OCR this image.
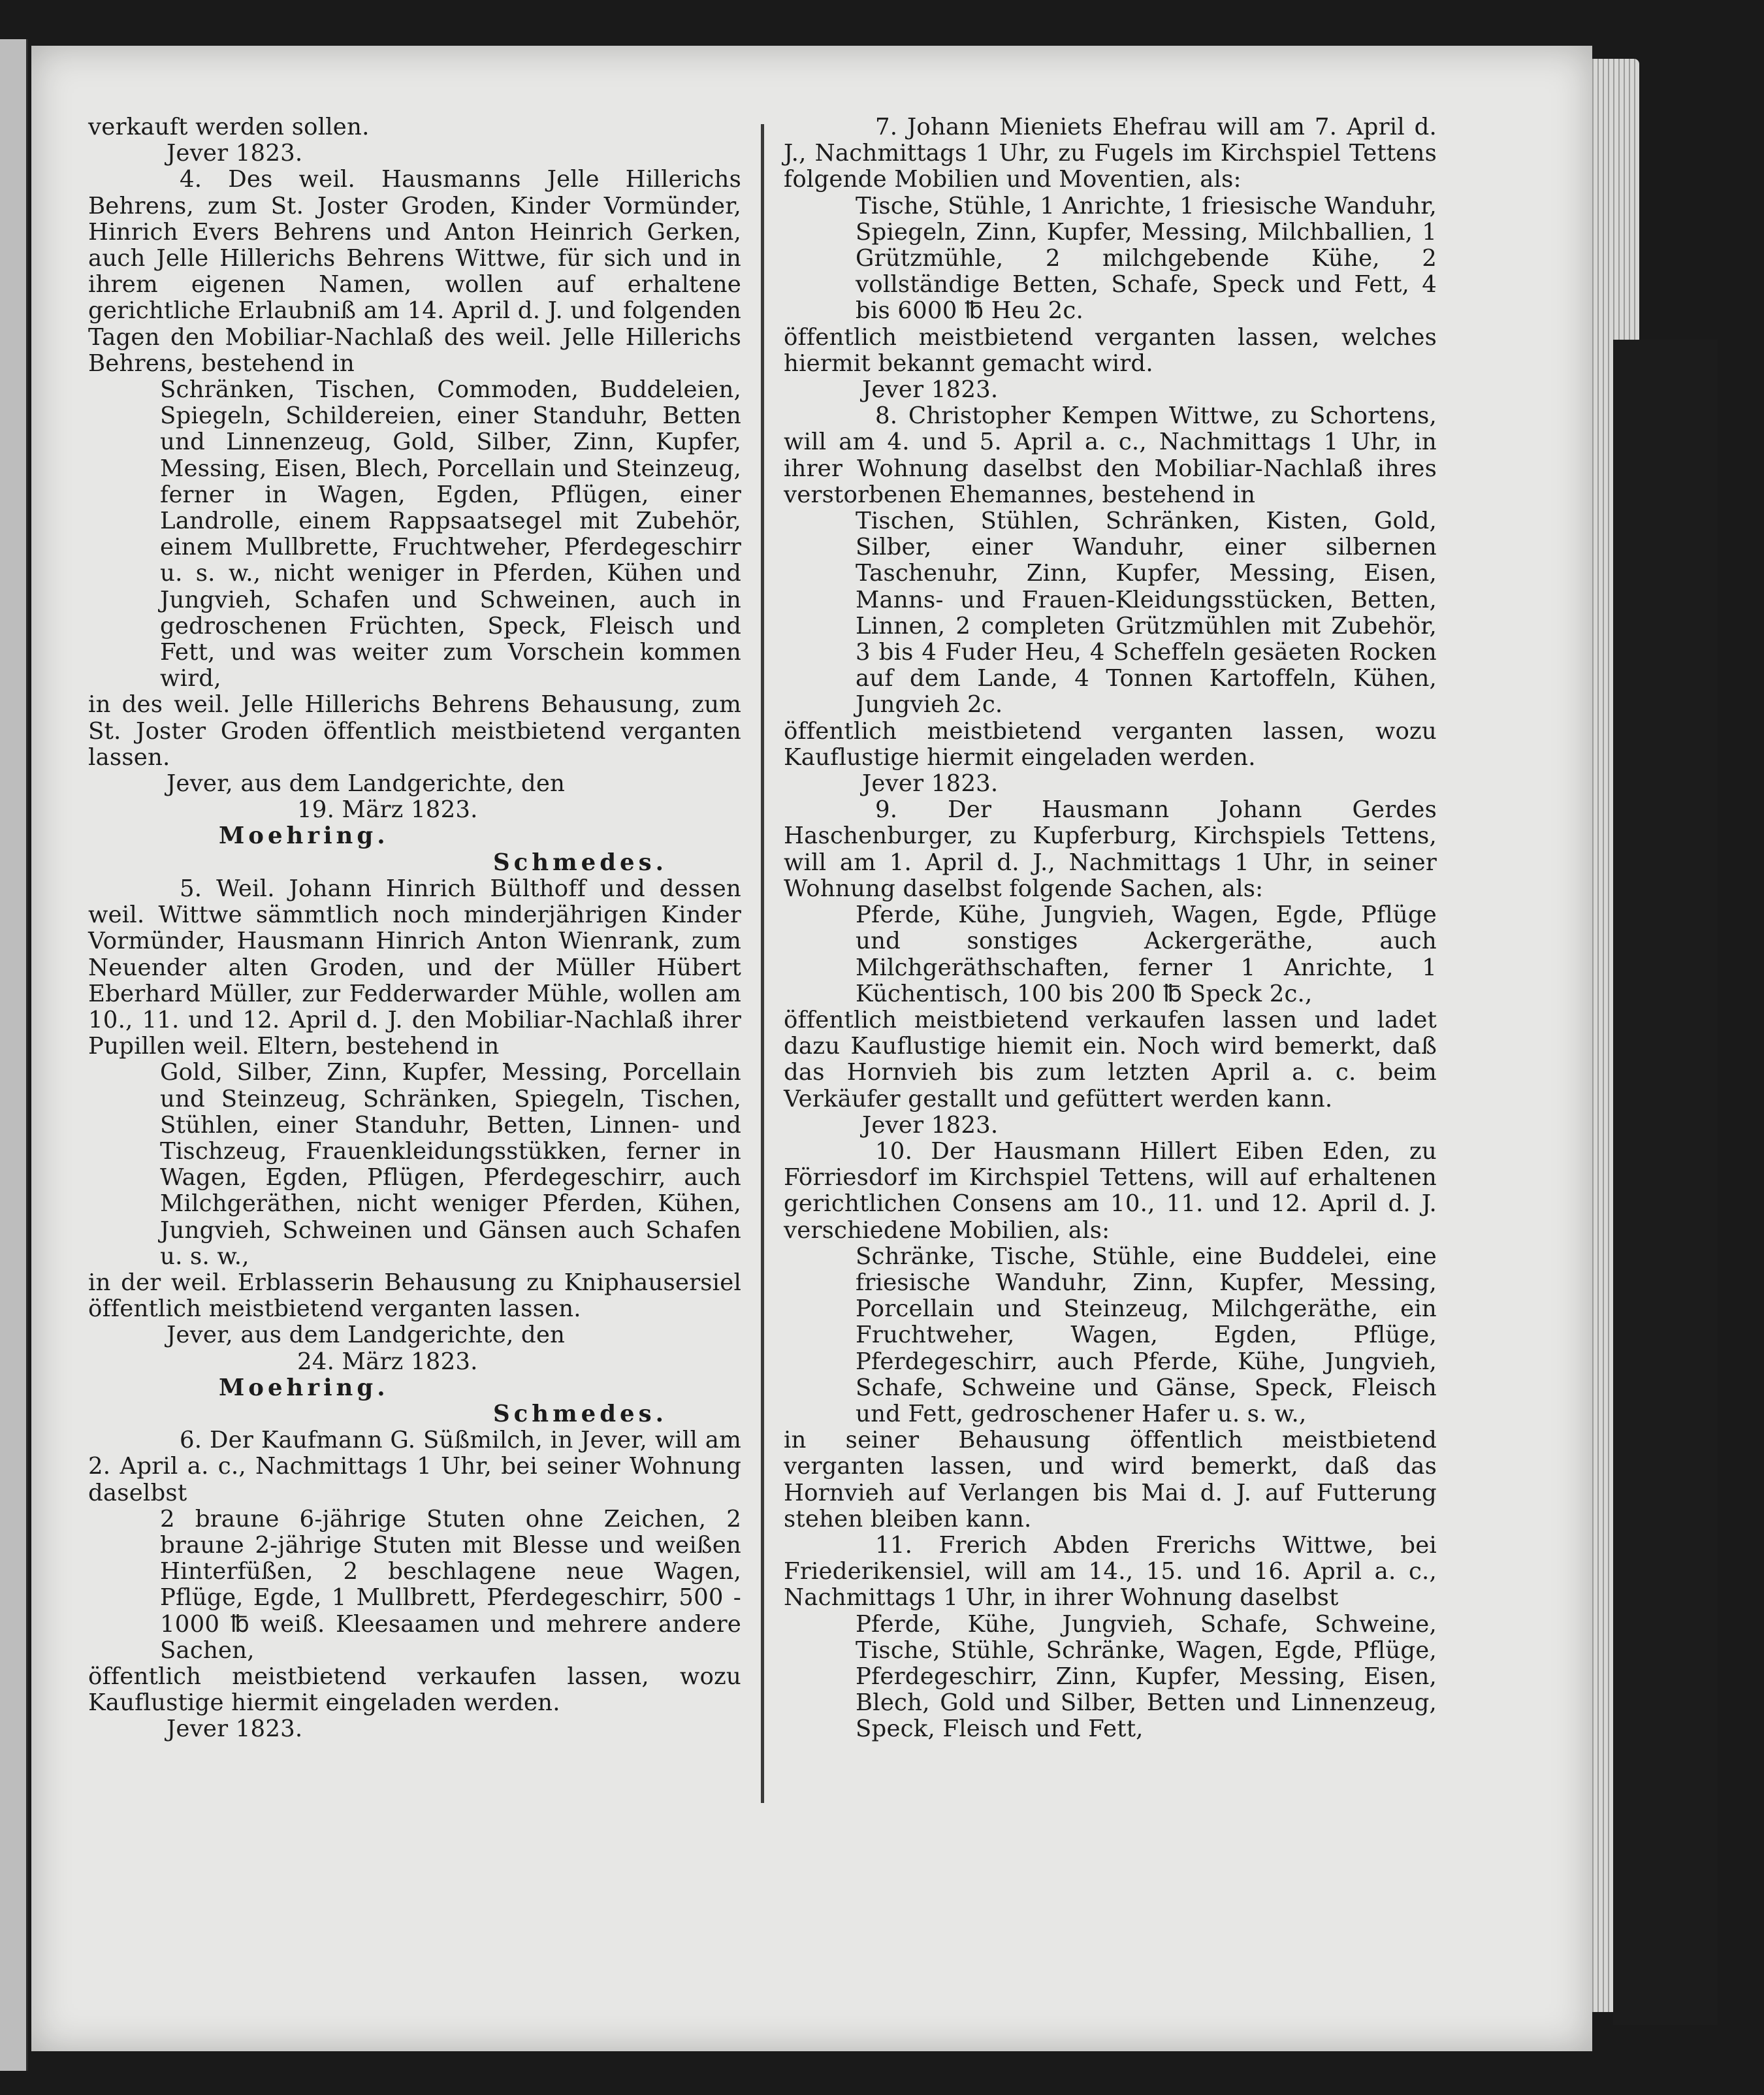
verkauft werden sollen.

Jever 1823.

4. Des weil. Hausmanns Jelle Hillerichs Behrens, zum St. Joster Groden, Kinder Vormünder, Hinrich Evers Behrens und Anton Heinrich Gerken, auch Jelle Hillerichs Behrens Wittwe, für sich und in ihrem eigenen Namen, wollen auf erhaltene gerichtliche Erlaubniß am 14. April d. J. und folgenden Tagen den Mobiliar-Nachlaß des weil. Jelle Hillerichs Behrens, bestehend in

Schränken, Tischen, Commoden, Buddeleien, Spiegeln, Schildereien, einer Standuhr, Betten und Linnenzeug, Gold, Silber, Zinn, Kupfer, Messing, Eisen, Blech, Porcellain und Steinzeug, ferner in Wagen, Egden, Pflügen, einer Landrolle, einem Rappsaatsegel mit Zubehör, einem Mullbrette, Fruchtweher, Pferdegeschirr u. s. w., nicht weniger in Pferden, Kühen und Jungvieh, Schafen und Schweinen, auch in gedroschenen Früchten, Speck, Fleisch und Fett, und was weiter zum Vorschein kommen wird,

in des weil. Jelle Hillerichs Behrens Behausung, zum St. Joster Groden öffentlich meistbietend verganten lassen.

Jever, aus dem Landgerichte, den

19. März 1823.

Moehring.

Schmedes.

5. Weil. Johann Hinrich Bülthoff und dessen weil. Wittwe sämmtlich noch minderjährigen Kinder Vormünder, Hausmann Hinrich Anton Wienrank, zum Neuender alten Groden, und der Müller Hübert Eberhard Müller, zur Fedderwarder Mühle, wollen am 10., 11. und 12. April d. J. den Mobiliar-Nachlaß ihrer Pupillen weil. Eltern, bestehend in

Gold, Silber, Zinn, Kupfer, Messing, Porcellain und Steinzeug, Schränken, Spiegeln, Tischen, Stühlen, einer Standuhr, Betten, Linnen- und Tischzeug, Frauenkleidungsstükken, ferner in Wagen, Egden, Pflügen, Pferdegeschirr, auch Milchgeräthen, nicht weniger Pferden, Kühen, Jungvieh, Schweinen und Gänsen auch Schafen u. s. w.,

in der weil. Erblasserin Behausung zu Kniphausersiel öffentlich meistbietend verganten lassen.

Jever, aus dem Landgerichte, den

24. März 1823.

Moehring.

Schmedes.

6. Der Kaufmann G. Süßmilch, in Jever, will am 2. April a. c., Nachmittags 1 Uhr, bei seiner Wohnung daselbst

2 braune 6-jährige Stuten ohne Zeichen, 2 braune 2-jährige Stuten mit Blesse und weißen Hinterfüßen, 2 beschlagene neue Wagen, Pflüge, Egde, 1 Mullbrett, Pferdegeschirr, 500 - 1000 ℔ weiß. Kleesaamen und mehrere andere Sachen,

öffentlich meistbietend verkaufen lassen, wozu Kauflustige hiermit eingeladen werden.

Jever 1823.

7. Johann Mieniets Ehefrau will am 7. April d. J., Nachmittags 1 Uhr, zu Fugels im Kirchspiel Tettens folgende Mobilien und Moventien, als:

Tische, Stühle, 1 Anrichte, 1 friesische Wanduhr, Spiegeln, Zinn, Kupfer, Messing, Milchballien, 1 Grützmühle, 2 milchgebende Kühe, 2 vollständige Betten, Schafe, Speck und Fett, 4 bis 6000 ℔ Heu 2c.

öffentlich meistbietend verganten lassen, welches hiermit bekannt gemacht wird.

Jever 1823.

8. Christopher Kempen Wittwe, zu Schortens, will am 4. und 5. April a. c., Nachmittags 1 Uhr, in ihrer Wohnung daselbst den Mobiliar-Nachlaß ihres verstorbenen Ehemannes, bestehend in

Tischen, Stühlen, Schränken, Kisten, Gold, Silber, einer Wanduhr, einer silbernen Taschenuhr, Zinn, Kupfer, Messing, Eisen, Manns- und Frauen-Kleidungsstücken, Betten, Linnen, 2 completen Grützmühlen mit Zubehör, 3 bis 4 Fuder Heu, 4 Scheffeln gesäeten Rocken auf dem Lande, 4 Tonnen Kartoffeln, Kühen, Jungvieh 2c.

öffentlich meistbietend verganten lassen, wozu Kauflustige hiermit eingeladen werden.

Jever 1823.

9. Der Hausmann Johann Gerdes Haschenburger, zu Kupferburg, Kirchspiels Tettens, will am 1. April d. J., Nachmittags 1 Uhr, in seiner Wohnung daselbst folgende Sachen, als:

Pferde, Kühe, Jungvieh, Wagen, Egde, Pflüge und sonstiges Ackergeräthe, auch Milchgeräthschaften, ferner 1 Anrichte, 1 Küchentisch, 100 bis 200 ℔ Speck 2c.,

öffentlich meistbietend verkaufen lassen und ladet dazu Kauflustige hiemit ein. Noch wird bemerkt, daß das Hornvieh bis zum letzten April a. c. beim Verkäufer gestallt und gefüttert werden kann.

Jever 1823.

10. Der Hausmann Hillert Eiben Eden, zu Förriesdorf im Kirchspiel Tettens, will auf erhaltenen gerichtlichen Consens am 10., 11. und 12. April d. J. verschiedene Mobilien, als:

Schränke, Tische, Stühle, eine Buddelei, eine friesische Wanduhr, Zinn, Kupfer, Messing, Porcellain und Steinzeug, Milchgeräthe, ein Fruchtweher, Wagen, Egden, Pflüge, Pferdegeschirr, auch Pferde, Kühe, Jungvieh, Schafe, Schweine und Gänse, Speck, Fleisch und Fett, gedroschener Hafer u. s. w.,

in seiner Behausung öffentlich meistbietend verganten lassen, und wird bemerkt, daß das Hornvieh auf Verlangen bis Mai d. J. auf Futterung stehen bleiben kann.

11. Frerich Abden Frerichs Wittwe, bei Friederikensiel, will am 14., 15. und 16. April a. c., Nachmittags 1 Uhr, in ihrer Wohnung daselbst

Pferde, Kühe, Jungvieh, Schafe, Schweine, Tische, Stühle, Schränke, Wagen, Egde, Pflüge, Pferdegeschirr, Zinn, Kupfer, Messing, Eisen, Blech, Gold und Silber, Betten und Linnenzeug, Speck, Fleisch und Fett,
